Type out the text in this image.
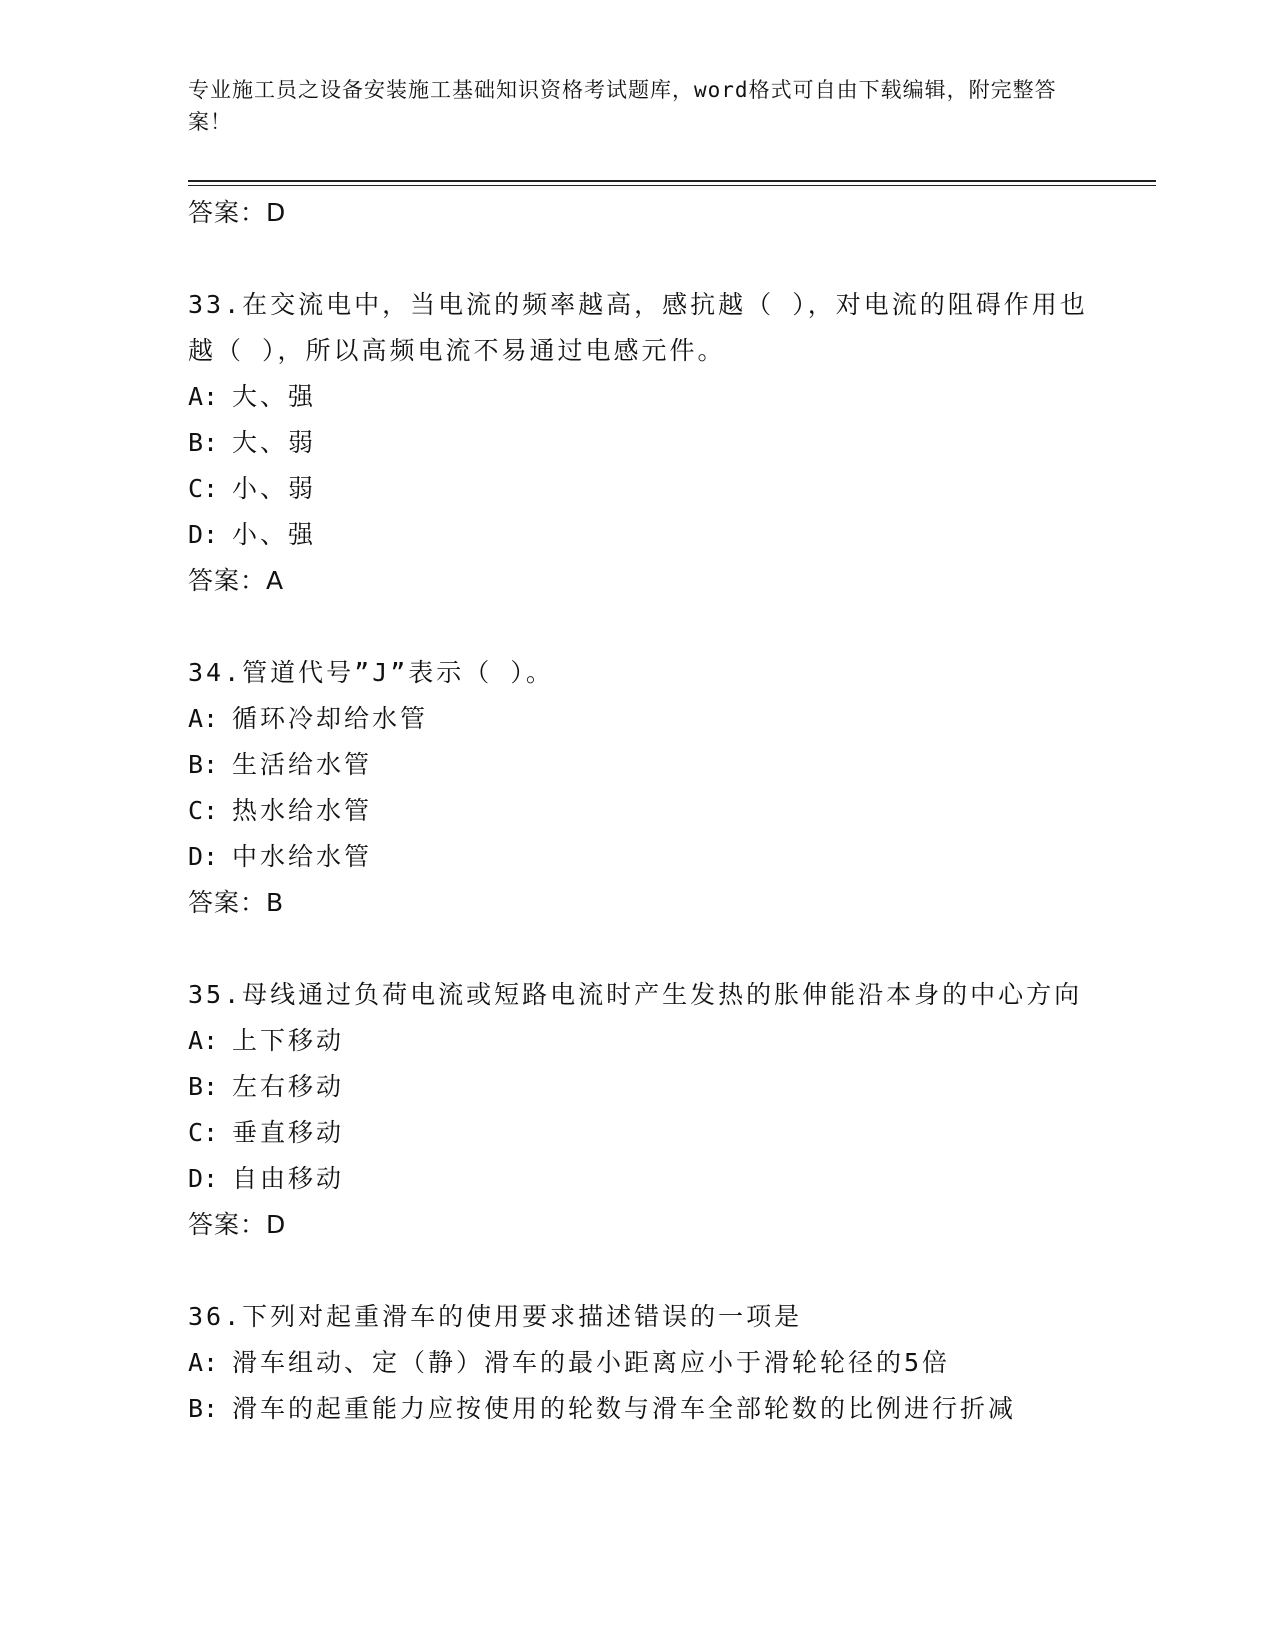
专业施工员之设备安装施工基础知识资格考试题库，word格式可自由下载编辑，附完整答案！
答案：D
33.在交流电中，当电流的频率越高，感抗越（ ），对电流的阻碍作用也越（ ），所以高频电流不易通过电感元件。
A: 大、强
B: 大、弱
C: 小、弱
D: 小、强
答案：A
34.管道代号”J”表示（ ）。
A: 循环冷却给水管
B: 生活给水管
C: 热水给水管
D: 中水给水管
答案：B
35.母线通过负荷电流或短路电流时产生发热的胀伸能沿本身的中心方向
A: 上下移动
B: 左右移动
C: 垂直移动
D: 自由移动
答案：D
36.下列对起重滑车的使用要求描述错误的一项是
A: 滑车组动、定（静）滑车的最小距离应小于滑轮轮径的5倍
B: 滑车的起重能力应按使用的轮数与滑车全部轮数的比例进行折减
